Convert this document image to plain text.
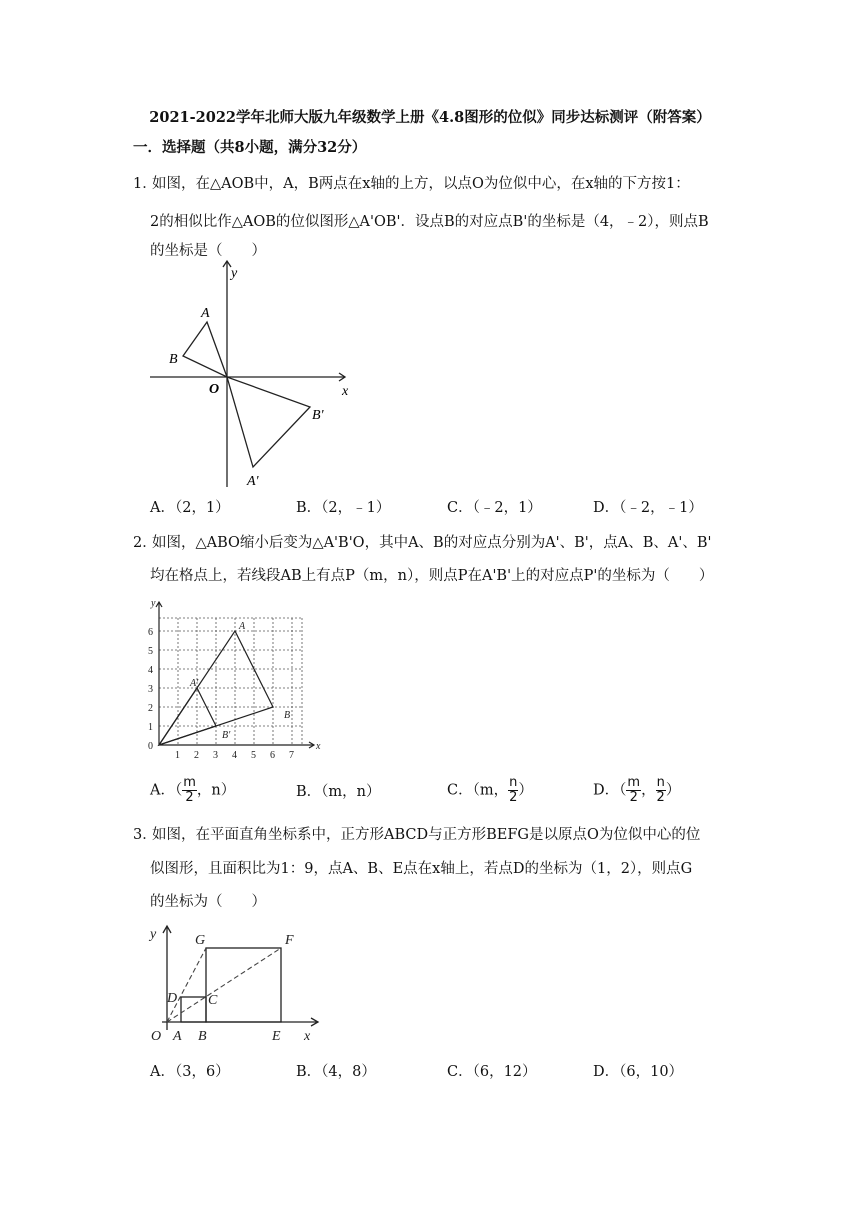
2021-2022学年北师大版九年级数学上册《4.8图形的位似》同步达标测评（附答案）
一．选择题（共8小题，满分32分）
1．
如图，在△AOB中，A，B两点在x轴的上方，以点O为位似中心，在x轴的下方按1：
2的相似比作△AOB的位似图形△A'OB'．设点B的对应点B'的坐标是（4，﹣2），则点B
的坐标是（　　）
y
A
B
O	x
B'
A'
A．（2，1）	B．（2，﹣1）	C．（﹣2，1）	D．（﹣2，﹣1）
2．
如图，△ABO缩小后变为△A'B'O，其中A、B的对应点分别为A'、B'，点A、B、A'、B'
均在格点上，若线段AB上有点P（m，n），则点P在A'B'上的对应点P'的坐标为（　　）
1 2 3 4 5 6 7
1
2
3
4
5
6
0
y
x
A
B
A'
B'
A．（ $\frac{m}{2}$ ，n）	B．（m，n）	C．（m， $\frac{n}{2}$ ）	D．（ $\frac{m}{2}$ ， $\frac{n}{2}$ ）
3．
如图，在平面直角坐标系中，正方形ABCD与正方形BEFG是以原点O为位似中心的位
似图形，且面积比为1：9，点A、B、E点在x轴上，若点D的坐标为（1，2），则点G
的坐标为（　　）
y	G	F
D C
O A B	E x
A．（3，6）	B．（4，8）	C．（6，12）	D．（6，10）
